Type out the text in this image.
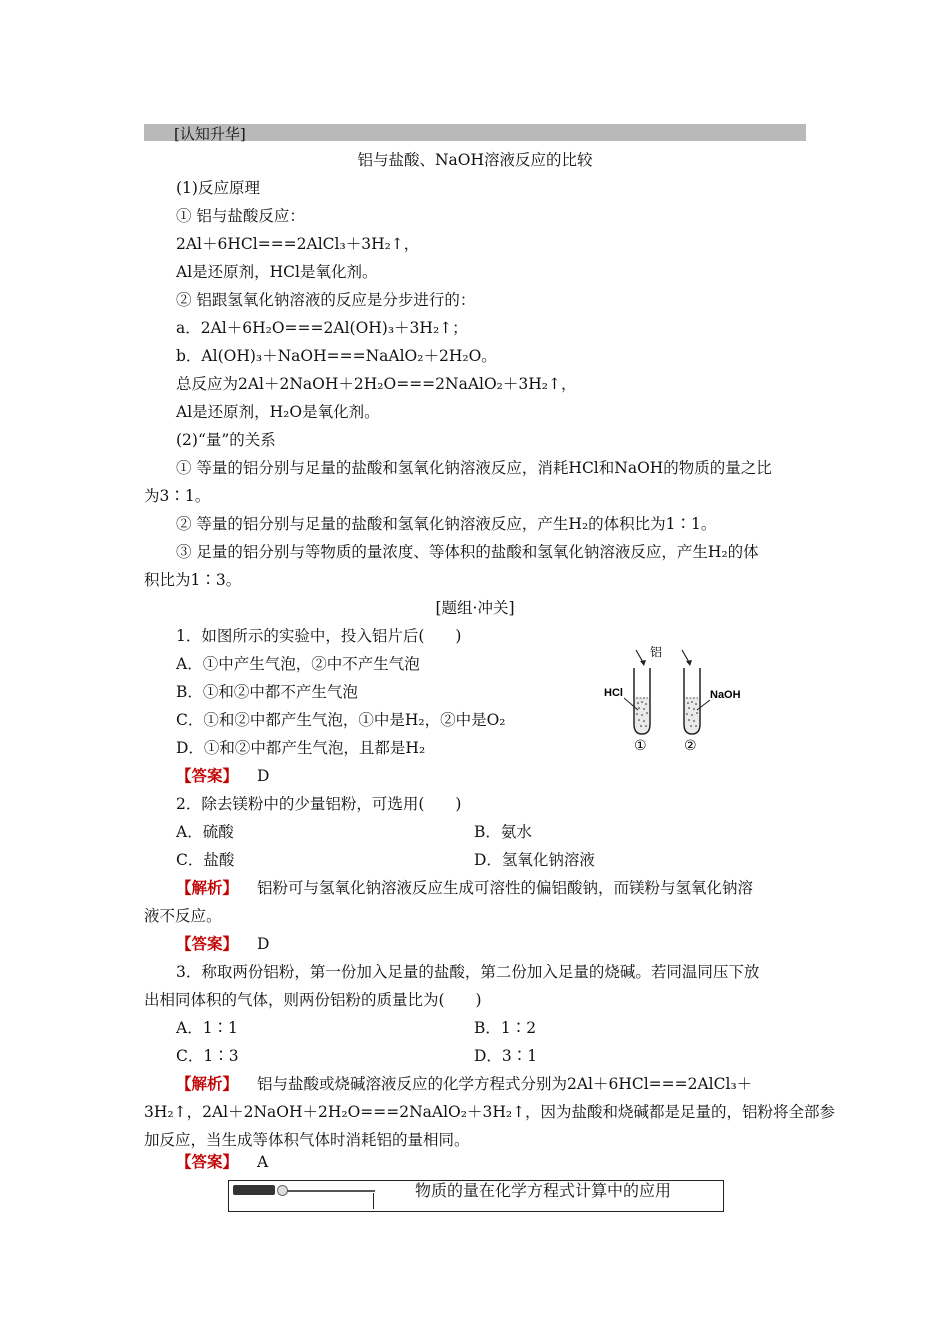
[认知升华]
铝与盐酸、NaOH溶液反应的比较
(1)反应原理
① 铝与盐酸反应：
2Al＋6HCl===2AlCl₃＋3H₂↑，
Al是还原剂，HCl是氧化剂。
② 铝跟氢氧化钠溶液的反应是分步进行的：
a．2Al＋6H₂O===2Al(OH)₃＋3H₂↑；
b．Al(OH)₃＋NaOH===NaAlO₂＋2H₂O。
总反应为2Al＋2NaOH＋2H₂O===2NaAlO₂＋3H₂↑，
Al是还原剂，H₂O是氧化剂。
(2)“量”的关系
① 等量的铝分别与足量的盐酸和氢氧化钠溶液反应，消耗HCl和NaOH的物质的量之比
为3∶1。
② 等量的铝分别与足量的盐酸和氢氧化钠溶液反应，产生H₂的体积比为1∶1。
③ 足量的铝分别与等物质的量浓度、等体积的盐酸和氢氧化钠溶液反应，产生H₂的体
积比为1∶3。
[题组·冲关]
1．如图所示的实验中，投入铝片后(　　)
A．①中产生气泡，②中不产生气泡
B．①和②中都不产生气泡
C．①和②中都产生气泡，①中是H₂，②中是O₂
D．①和②中都产生气泡，且都是H₂
【答案】 D
铝
HCl
①
NaOH
②
2．除去镁粉中的少量铝粉，可选用(　　)
A．硫酸	B．氨水
C．盐酸	D．氢氧化钠溶液
【解析】 铝粉可与氢氧化钠溶液反应生成可溶性的偏铝酸钠，而镁粉与氢氧化钠溶
液不反应。
【答案】 D
3．称取两份铝粉，第一份加入足量的盐酸，第二份加入足量的烧碱。若同温同压下放
出相同体积的气体，则两份铝粉的质量比为(　　)
A．1∶1	B．1∶2
C．1∶3	D．3∶1
【解析】 铝与盐酸或烧碱溶液反应的化学方程式分别为2Al＋6HCl===2AlCl₃＋
3H₂↑，2Al＋2NaOH＋2H₂O===2NaAlO₂＋3H₂↑，因为盐酸和烧碱都是足量的，铝粉将全部参
加反应，当生成等体积气体时消耗铝的量相同。
【答案】 A
物质的量在化学方程式计算中的应用
